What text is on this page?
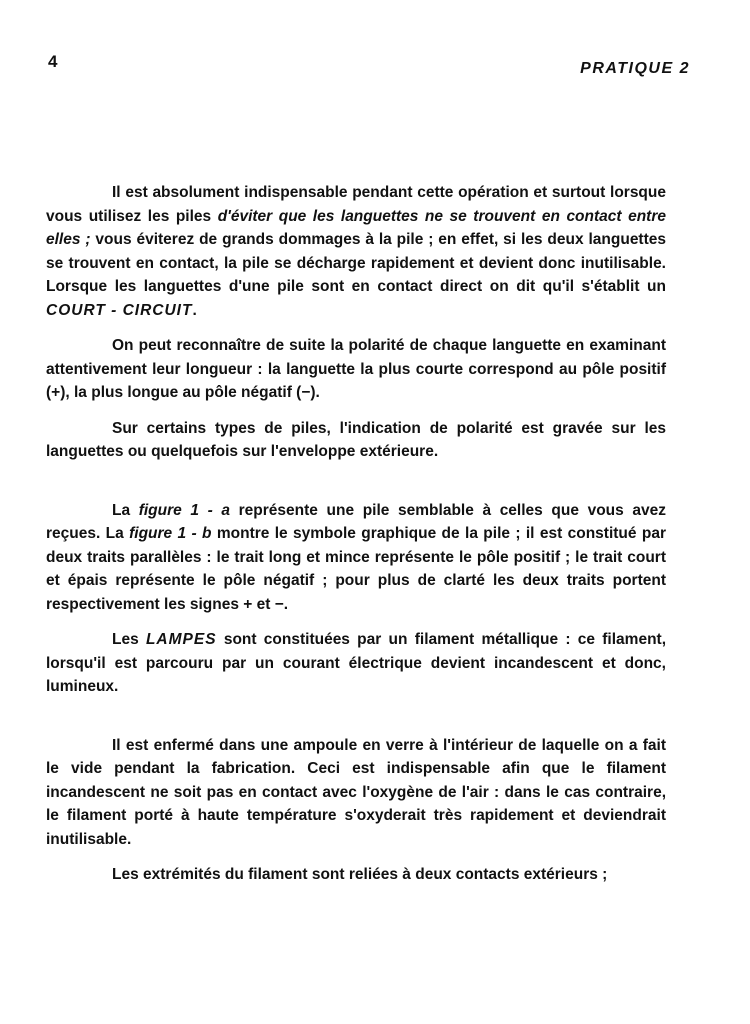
4	PRATIQUE 2

Il est absolument indispensable pendant cette opération et surtout lorsque vous utilisez les piles d'éviter que les languettes ne se trouvent en contact entre elles ; vous éviterez de grands dommages à la pile ; en effet, si les deux languettes se trouvent en contact, la pile se décharge rapidement et devient donc inutilisable. Lorsque les languettes d'une pile sont en contact direct on dit qu'il s'établit un COURT - CIRCUIT.

On peut reconnaître de suite la polarité de chaque languette en examinant attentivement leur longueur : la languette la plus courte correspond au pôle positif (+), la plus longue au pôle négatif (−).

Sur certains types de piles, l'indication de polarité est gravée sur les languettes ou quelquefois sur l'enveloppe extérieure.

La figure 1 - a représente une pile semblable à celles que vous avez reçues. La figure 1 - b montre le symbole graphique de la pile ; il est constitué par deux traits parallèles : le trait long et mince représente le pôle positif ; le trait court et épais représente le pôle négatif ; pour plus de clarté les deux traits portent respectivement les signes + et −.

Les LAMPES sont constituées par un filament métallique : ce filament, lorsqu'il est parcouru par un courant électrique devient incandescent et donc, lumineux.

Il est enfermé dans une ampoule en verre à l'intérieur de laquelle on a fait le vide pendant la fabrication. Ceci est indispensable afin que le filament incandescent ne soit pas en contact avec l'oxygène de l'air : dans le cas contraire, le filament porté à haute température s'oxyderait très rapidement et deviendrait inutilisable.

Les extrémités du filament sont reliées à deux contacts extérieurs ;
